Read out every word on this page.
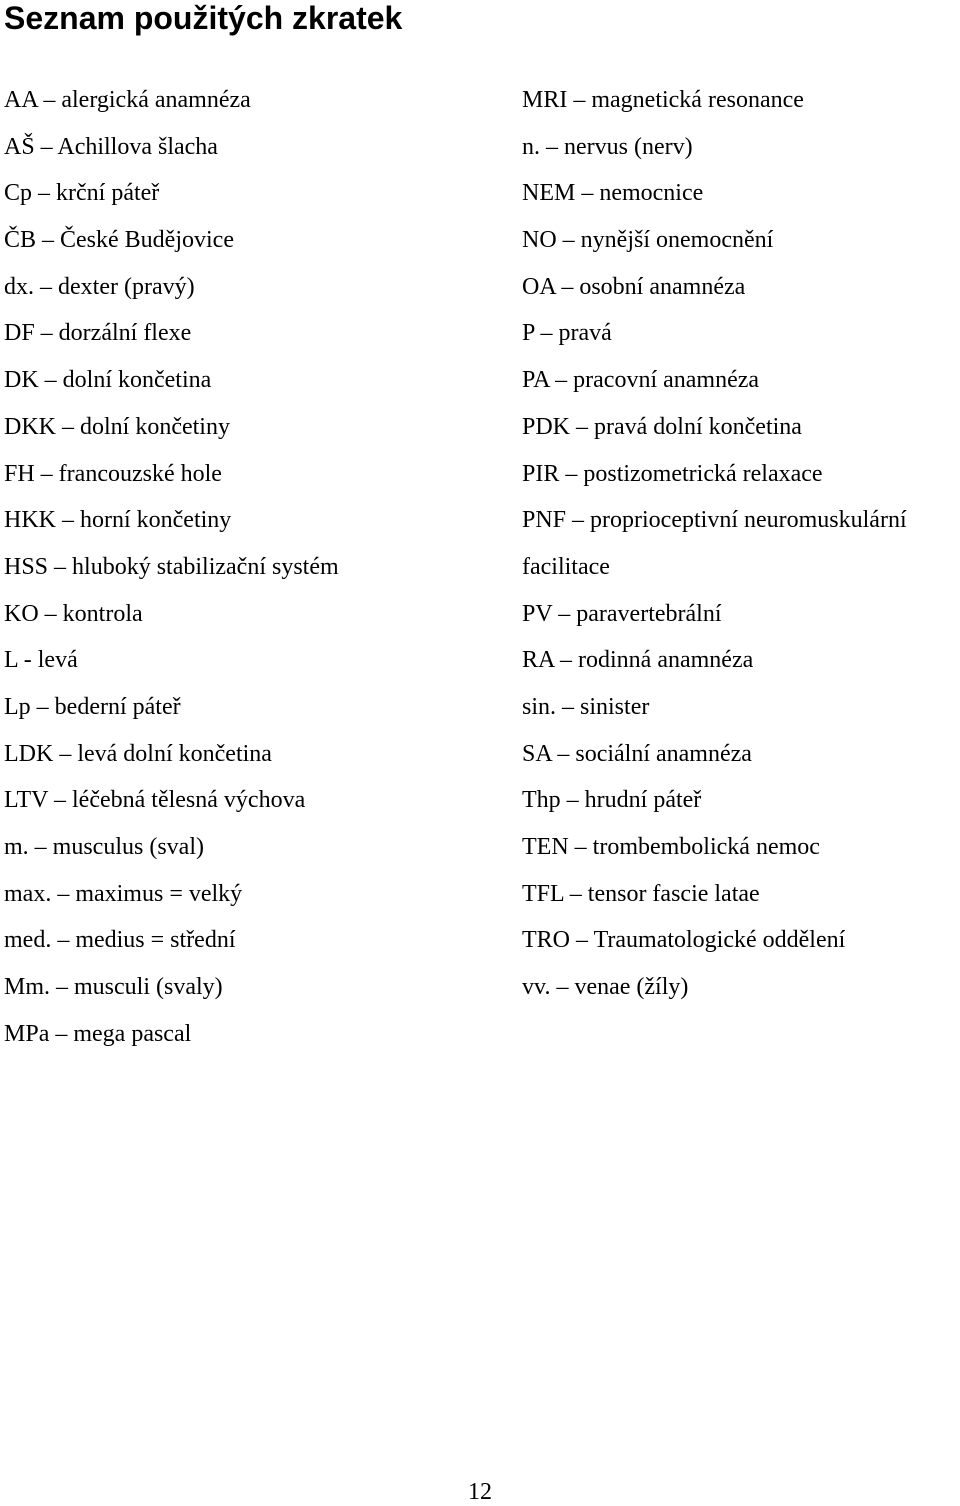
Seznam použitých zkratek
AA – alergická anamnéza
AŠ – Achillova šlacha
Cp – krční páteř
ČB – České Budějovice
dx. – dexter (pravý)
DF – dorzální flexe
DK – dolní končetina
DKK – dolní končetiny
FH – francouzské hole
HKK – horní končetiny
HSS – hluboký stabilizační systém
KO – kontrola
L - levá
Lp – bederní páteř
LDK – levá dolní končetina
LTV – léčebná tělesná výchova
m. – musculus (sval)
max. – maximus = velký
med. – medius = střední
Mm. – musculi (svaly)
MPa – mega pascal
MRI – magnetická resonance
n. – nervus (nerv)
NEM – nemocnice
NO – nynější onemocnění
OA – osobní anamnéza
P – pravá
PA – pracovní anamnéza
PDK – pravá dolní končetina
PIR – postizometrická relaxace
PNF – proprioceptivní neuromuskulární
facilitace
PV – paravertebrální
RA – rodinná anamnéza
sin. – sinister
SA – sociální anamnéza
Thp – hrudní páteř
TEN – trombembolická nemoc
TFL – tensor fascie latae
TRO – Traumatologické oddělení
vv. – venae (žíly)
12
